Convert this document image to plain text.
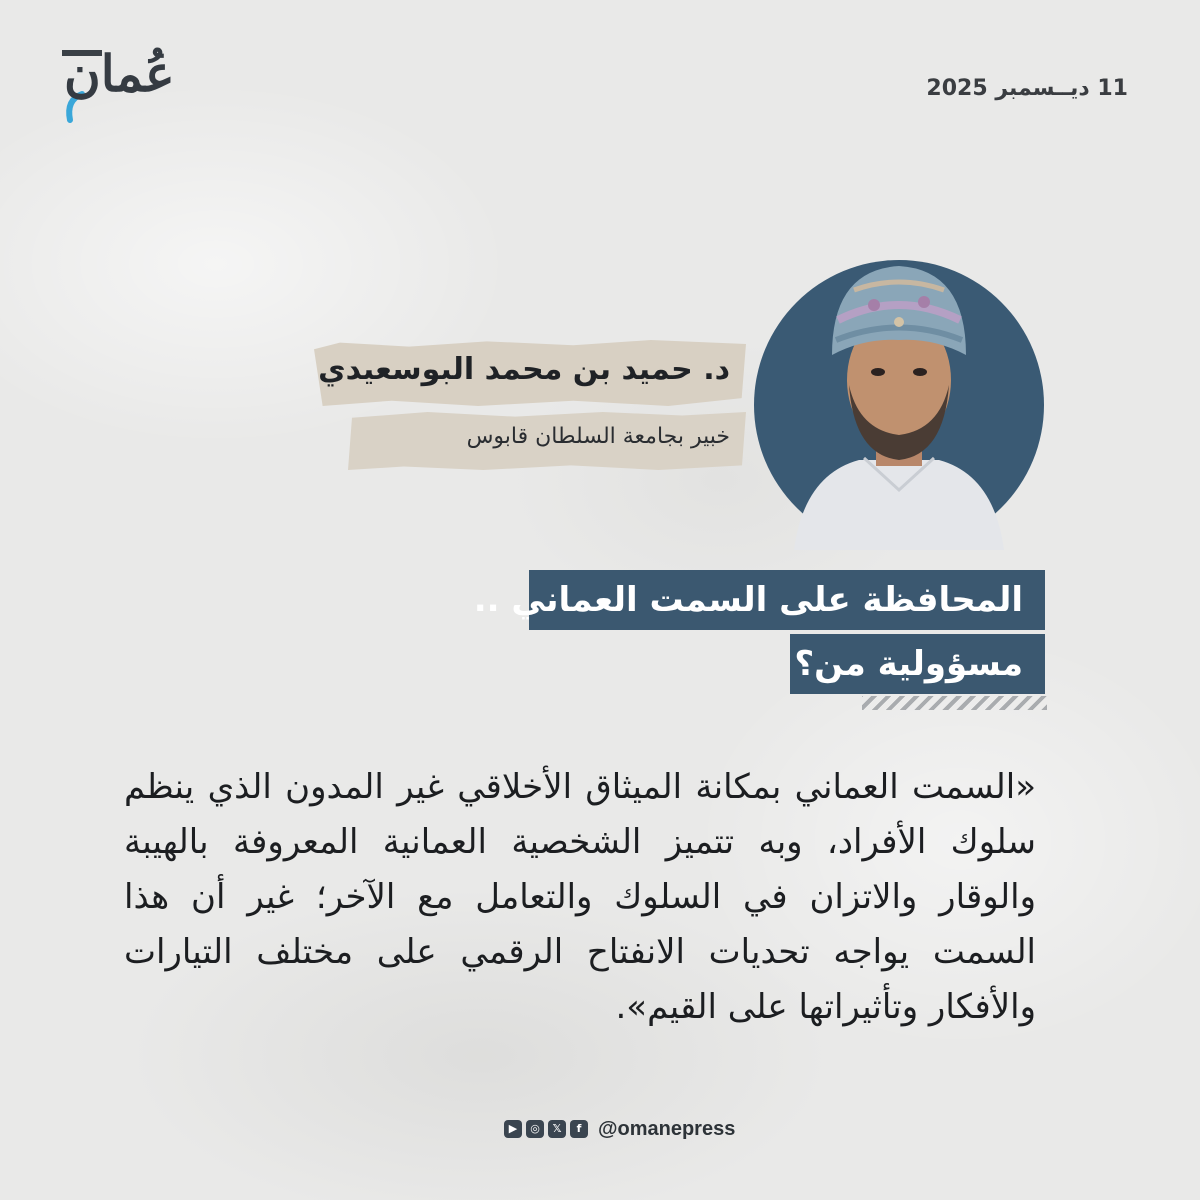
عُمان	11 ديــسمبر 2025
د. حميد بن محمد البوسعيدي
خبير بجامعة السلطان قابوس
المحافظة على السمت العماني ..
مسؤولية من؟

«السمت العماني بمكانة الميثاق الأخلاقي غير المدون الذي ينظم سلوك الأفراد، وبه تتميز الشخصية العمانية المعروفة بالهيبة والوقار والاتزان في السلوك والتعامل مع الآخر؛ غير أن هذا السمت يواجه تحديات الانفتاح الرقمي على مختلف التيارات والأفكار وتأثيراتها على القيم».

▶	◎	𝕏	f @omanepress
